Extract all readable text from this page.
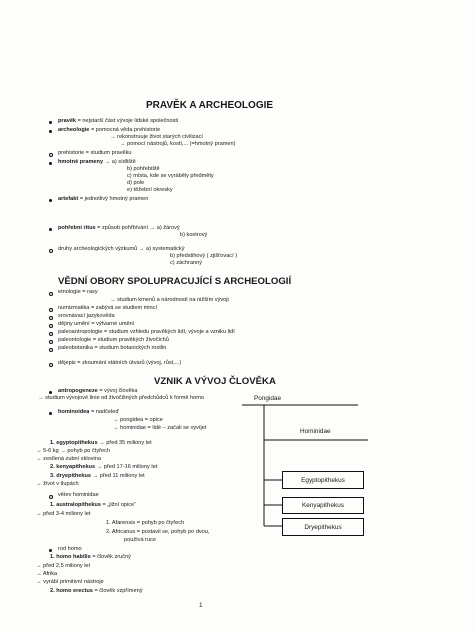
PRAVĚK A ARCHEOLOGIE
pravěk = nejstarší část vývoje lidské společnosti
archeologie = pomocná věda prehistorie
→ rekonstruuje život starých civilizací
→ pomocí nástrojů, kostí,... (=hmotný pramen)
prehistorie = studium pravěku
hmotné prameny → a) sídliště
b) pohřebiště
c) místa, kde se vyráběly předměty
d) pole
e) těžební okresky
artefakt = jednotlivý hmotný pramen
pohřební ritus = způsob pohřbívání → a) žárový
b) kostrový
druhy archeologických výzkumů → a) systematický
b) předstihový ( zjišťovací )
c) záchranný
VĚDNÍ OBORY SPOLUPRACUJÍCÍ S ARCHEOLOGIÍ
etnologie = rasy
→ studium kmenů a národností na nižším vývoji
numizmatika = zabývá se studiem mincí
srovnávací jazykověda
dějiny umění = výtvarné umění
paleoantropologie = studium vzhledu pravěkých lidí, vývoje a vzniku lidí
paleontologie = studium pravěkých živočichů
paleobotanika = studium botanických rostlin
dějepis = zkoumání státních útvarů (vývoj, růst,...)
VZNIK A VÝVOJ ČLOVĚKA
antropogeneze = vývoj člověka
→ studium vývojové linie od živočišných předchůdců k formě homo
hominoidea = nadčeleď
→ pongidea = opice
→ hominidae = lidé – začali se vyvíjet
1. egyptopithekus → před 35 miliony let
→ 5-6 kg → pohyb po čtyřech
→ zesílená zubní sklovina
2. kenyapithekus → před 17-16 miliony let
3. dryepithekus → před 11 miliony let
→ život v tlupách
větev hominidae
1. australopithekus = „jižní opice“
→ před 3-4 miliony let
1. Afarensis = pohyb po čtyřech
2. Africanus = postavil se, pohyb po dvou,
používá ruce
rod homo
1. homo habilis = člověk zručný
→ před 2,5 miliony let
→ Afrika
→ vyrábí primitivní nástroje
2. homo erectus = člověk vzpřímený
Pongidae
Hominidae
Egyptopithekus
Kenyapithekus
Dryepithekus
1
